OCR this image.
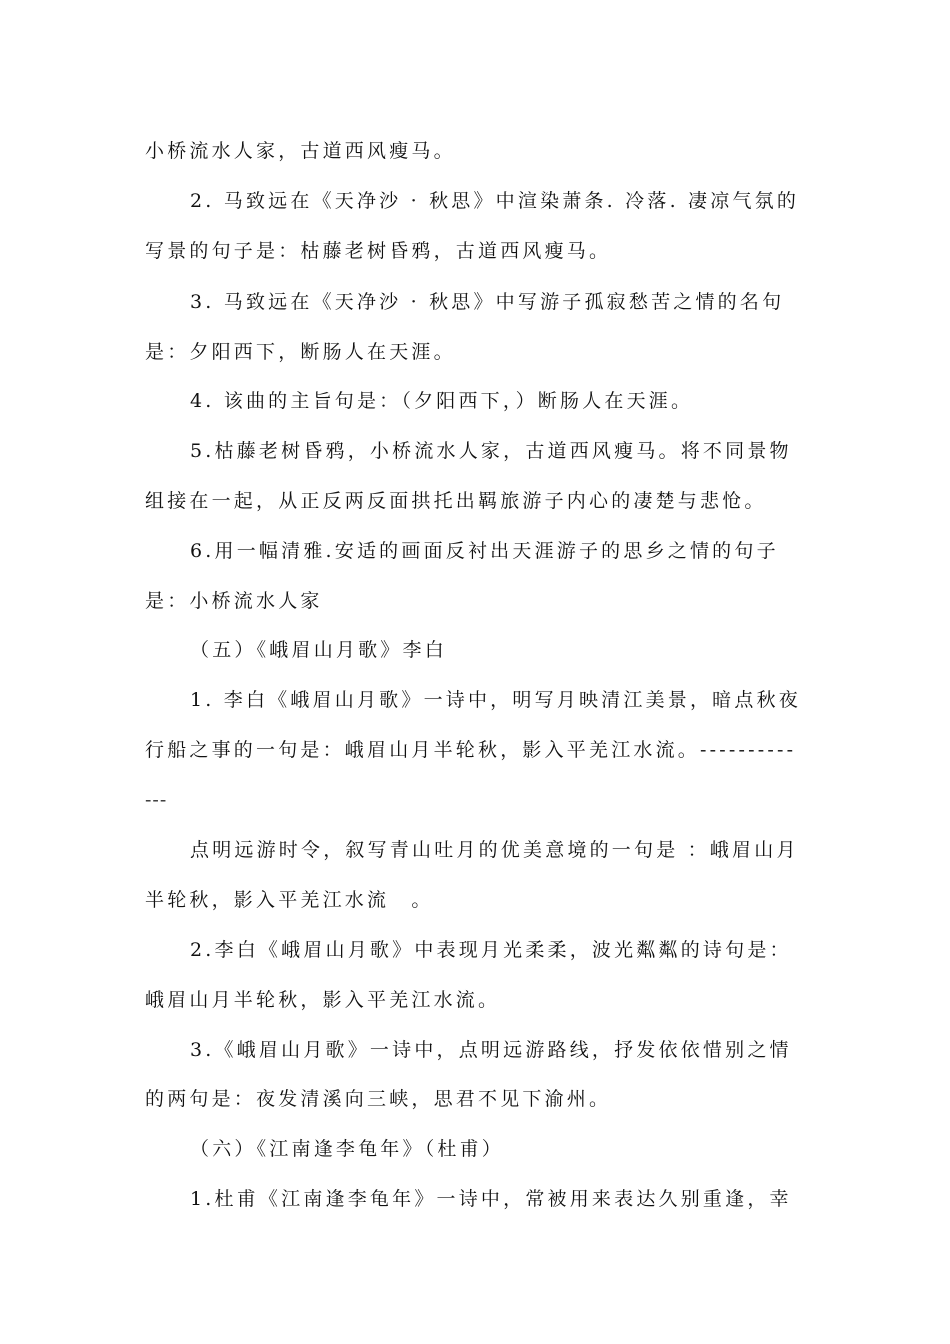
小桥流水人家，古道西风瘦马。
2. 马致远在《天净沙 · 秋思》中渲染萧条. 冷落. 凄凉气氛的
写景的句子是：枯藤老树昏鸦，古道西风瘦马。
3. 马致远在《天净沙 · 秋思》中写游子孤寂愁苦之情的名句
是：夕阳西下，断肠人在天涯。
4. 该曲的主旨句是：（夕阳西下，）断肠人在天涯。
5.枯藤老树昏鸦，小桥流水人家，古道西风瘦马。将不同景物
组接在一起，从正反两反面拱托出羁旅游子内心的凄楚与悲怆。
6.用一幅清雅.安适的画面反衬出天涯游子的思乡之情的句子
是：小桥流水人家
（五）《峨眉山月歌》李白
1. 李白《峨眉山月歌》一诗中，明写月映清江美景，暗点秋夜
行船之事的一句是：峨眉山月半轮秋，影入平羌江水流。----------
---
点明远游时令，叙写青山吐月的优美意境的一句是 ：峨眉山月
半轮秋，影入平羌江水流　。
2.李白《峨眉山月歌》中表现月光柔柔，波光粼粼的诗句是：
峨眉山月半轮秋，影入平羌江水流。
3.《峨眉山月歌》一诗中，点明远游路线，抒发依依惜别之情
的两句是：夜发清溪向三峡，思君不见下渝州。
（六）《江南逢李龟年》（杜甫）
1.杜甫《江南逢李龟年》一诗中，常被用来表达久别重逢，幸
